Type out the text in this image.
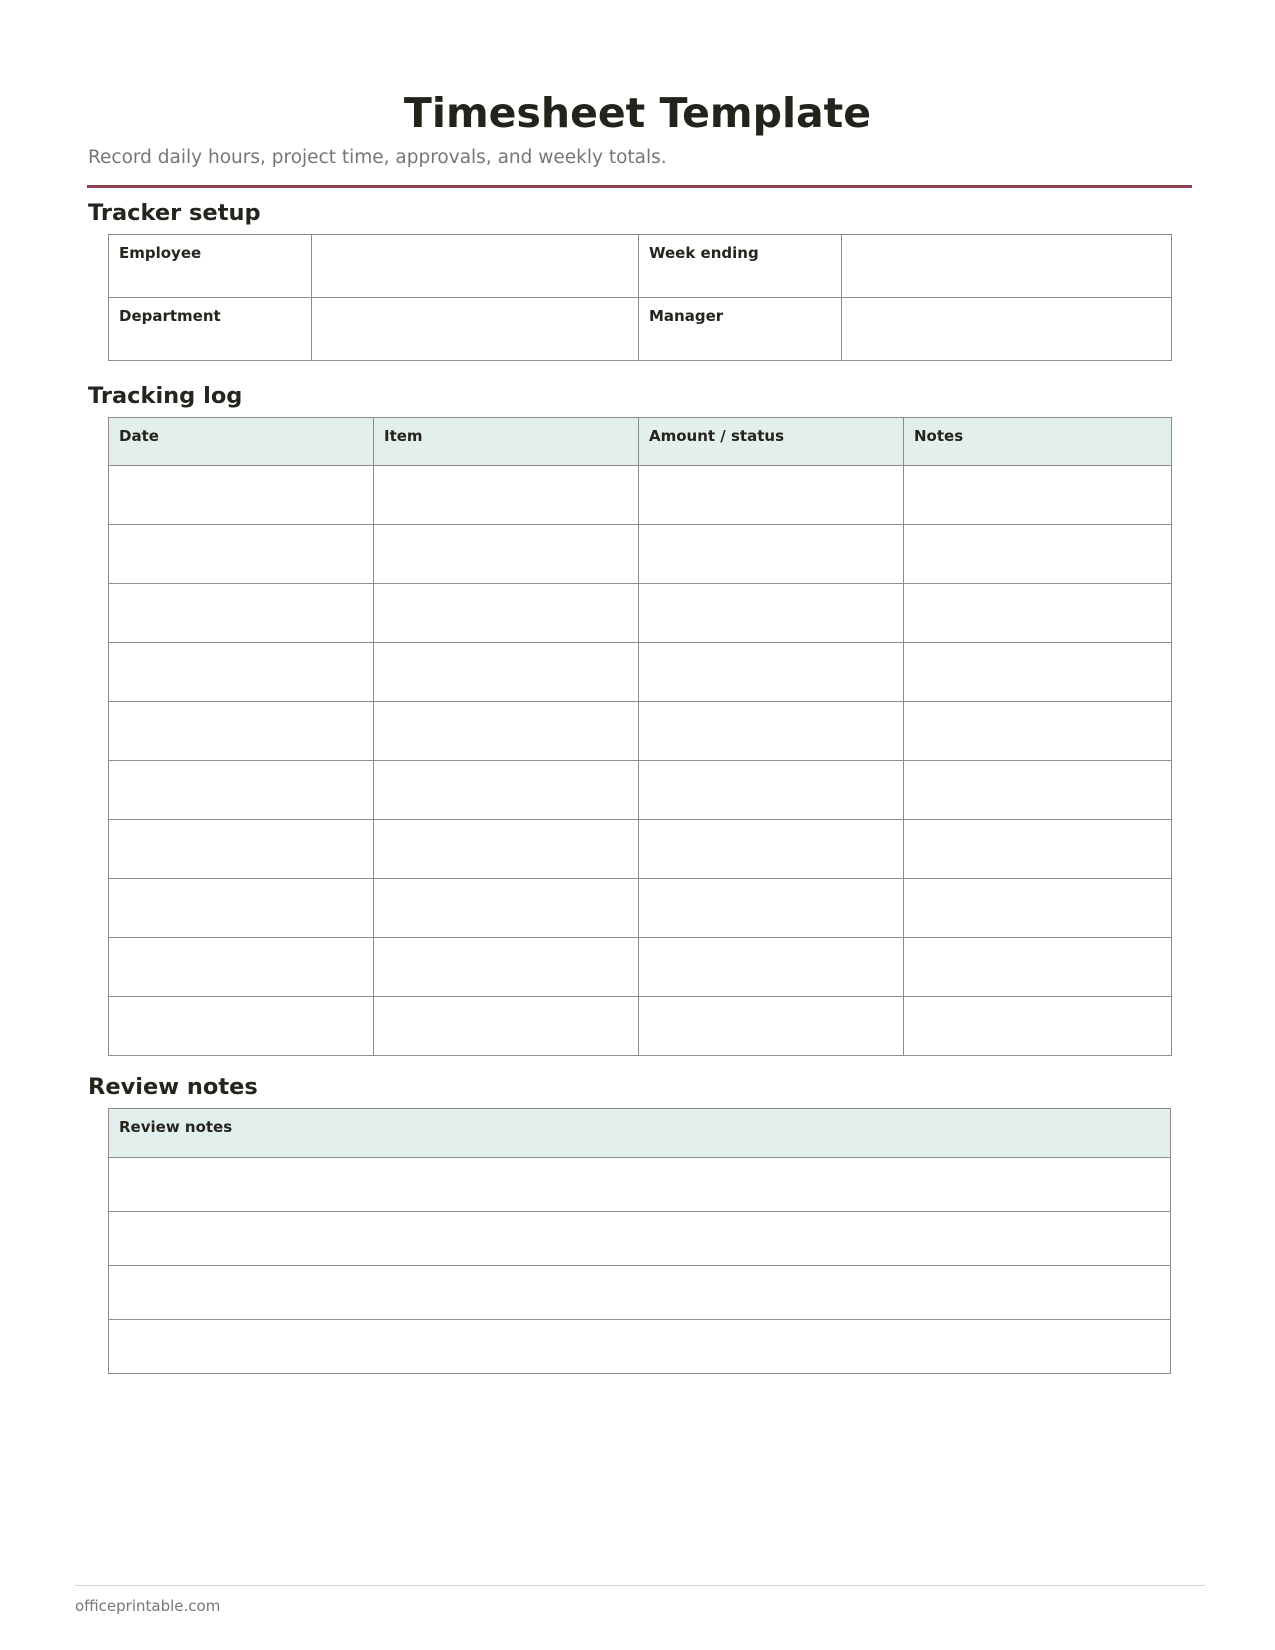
Timesheet Template
Record daily hours, project time, approvals, and weekly totals.
Tracker setup
Employee		Week ending	
Department		Manager	
Tracking log
Date	Item	Amount / status	Notes

Review notes
Review notes

officeprintable.com
